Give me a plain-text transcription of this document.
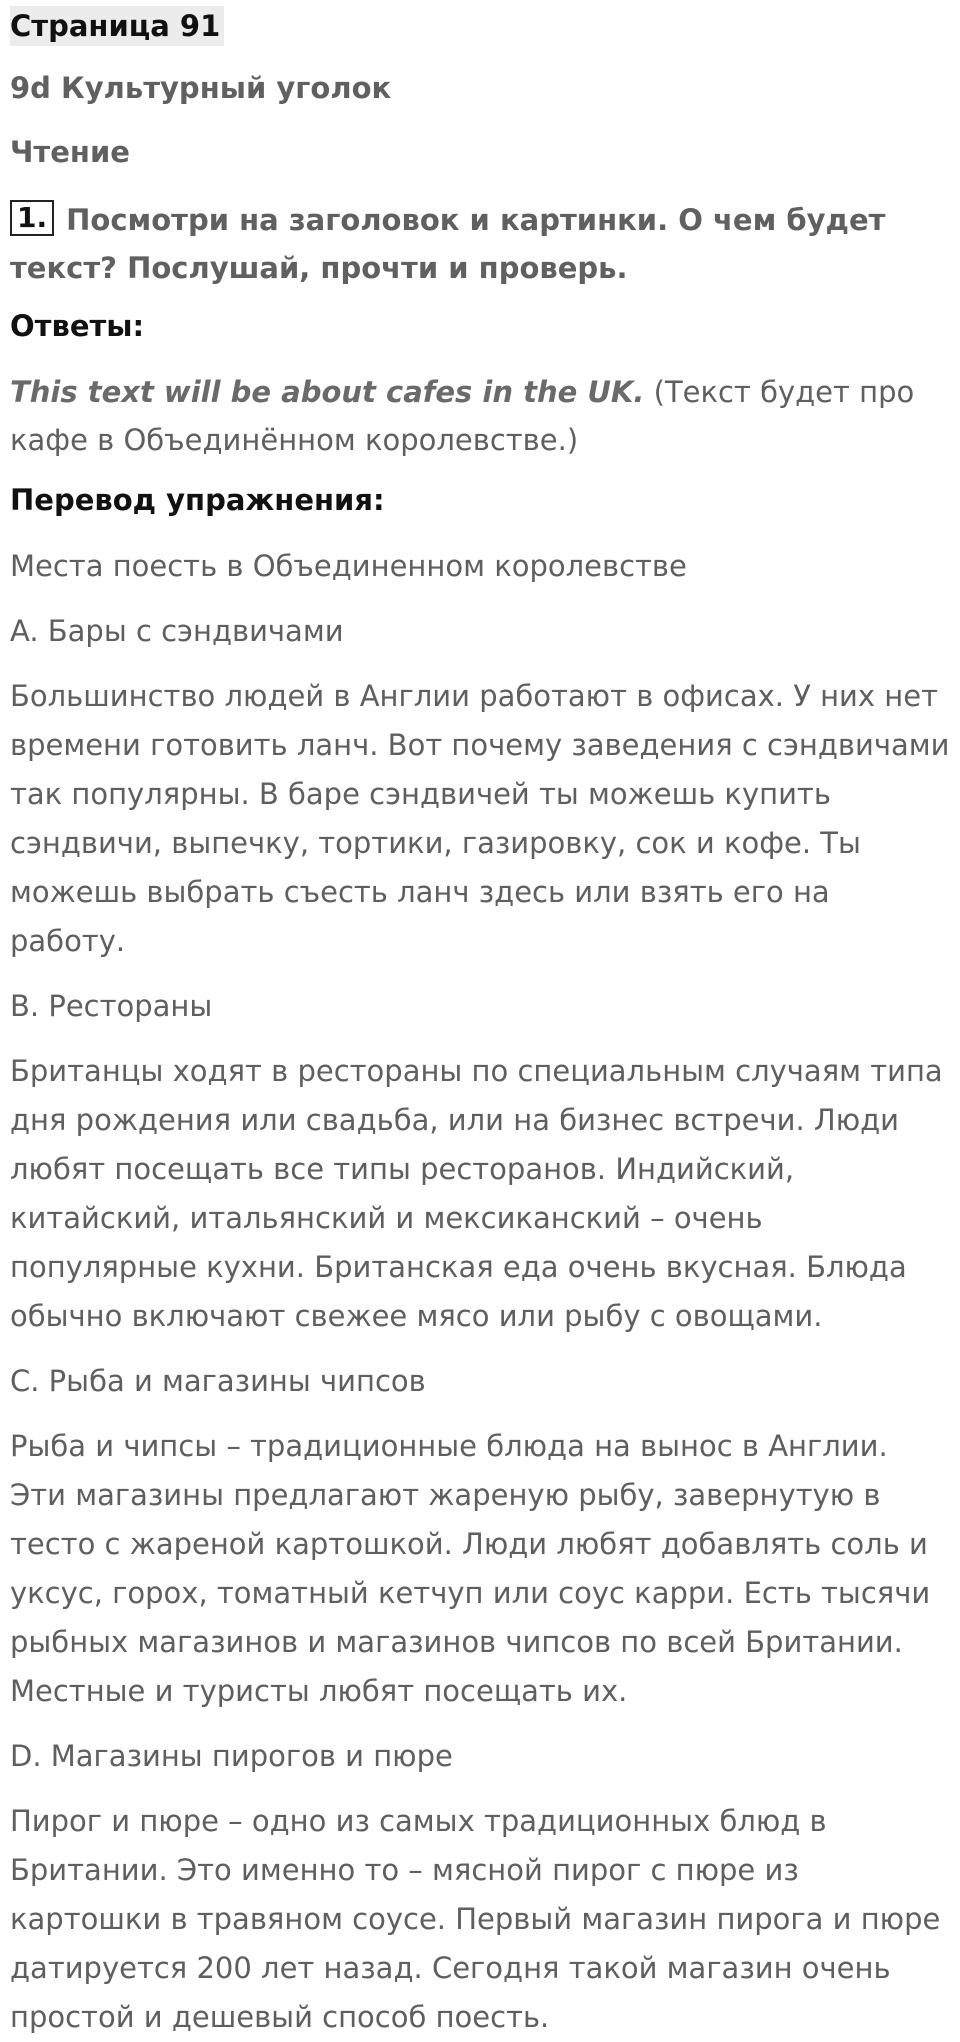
Страница 91
9d Культурный уголок
Чтение
1. Посмотри на заголовок и картинки. О чем будет текст? Послушай, прочти и проверь.
Ответы:
This text will be about cafes in the UK. (Текст будет про кафе в Объединённом королевстве.)
Перевод упражнения:
Места поесть в Объединенном королевстве
A. Бары с сэндвичами
Большинство людей в Англии работают в офисах. У них нет времени готовить ланч. Вот почему заведения с сэндвичами так популярны. В баре сэндвичей ты можешь купить сэндвичи, выпечку, тортики, газировку, сок и кофе. Ты можешь выбрать съесть ланч здесь или взять его на работу.
B. Рестораны
Британцы ходят в рестораны по специальным случаям типа дня рождения или свадьба, или на бизнес встречи. Люди любят посещать все типы ресторанов. Индийский, китайский, итальянский и мексиканский – очень популярные кухни. Британская еда очень вкусная. Блюда обычно включают свежее мясо или рыбу с овощами.
C. Рыба и магазины чипсов
Рыба и чипсы – традиционные блюда на вынос в Англии. Эти магазины предлагают жареную рыбу, завернутую в тесто с жареной картошкой. Люди любят добавлять соль и уксус, горох, томатный кетчуп или соус карри. Есть тысячи рыбных магазинов и магазинов чипсов по всей Британии. Местные и туристы любят посещать их.
D. Магазины пирогов и пюре
Пирог и пюре – одно из самых традиционных блюд в Британии. Это именно то – мясной пирог с пюре из картошки в травяном соусе. Первый магазин пирога и пюре датируется 200 лет назад. Сегодня такой магазин очень простой и дешевый способ поесть.
